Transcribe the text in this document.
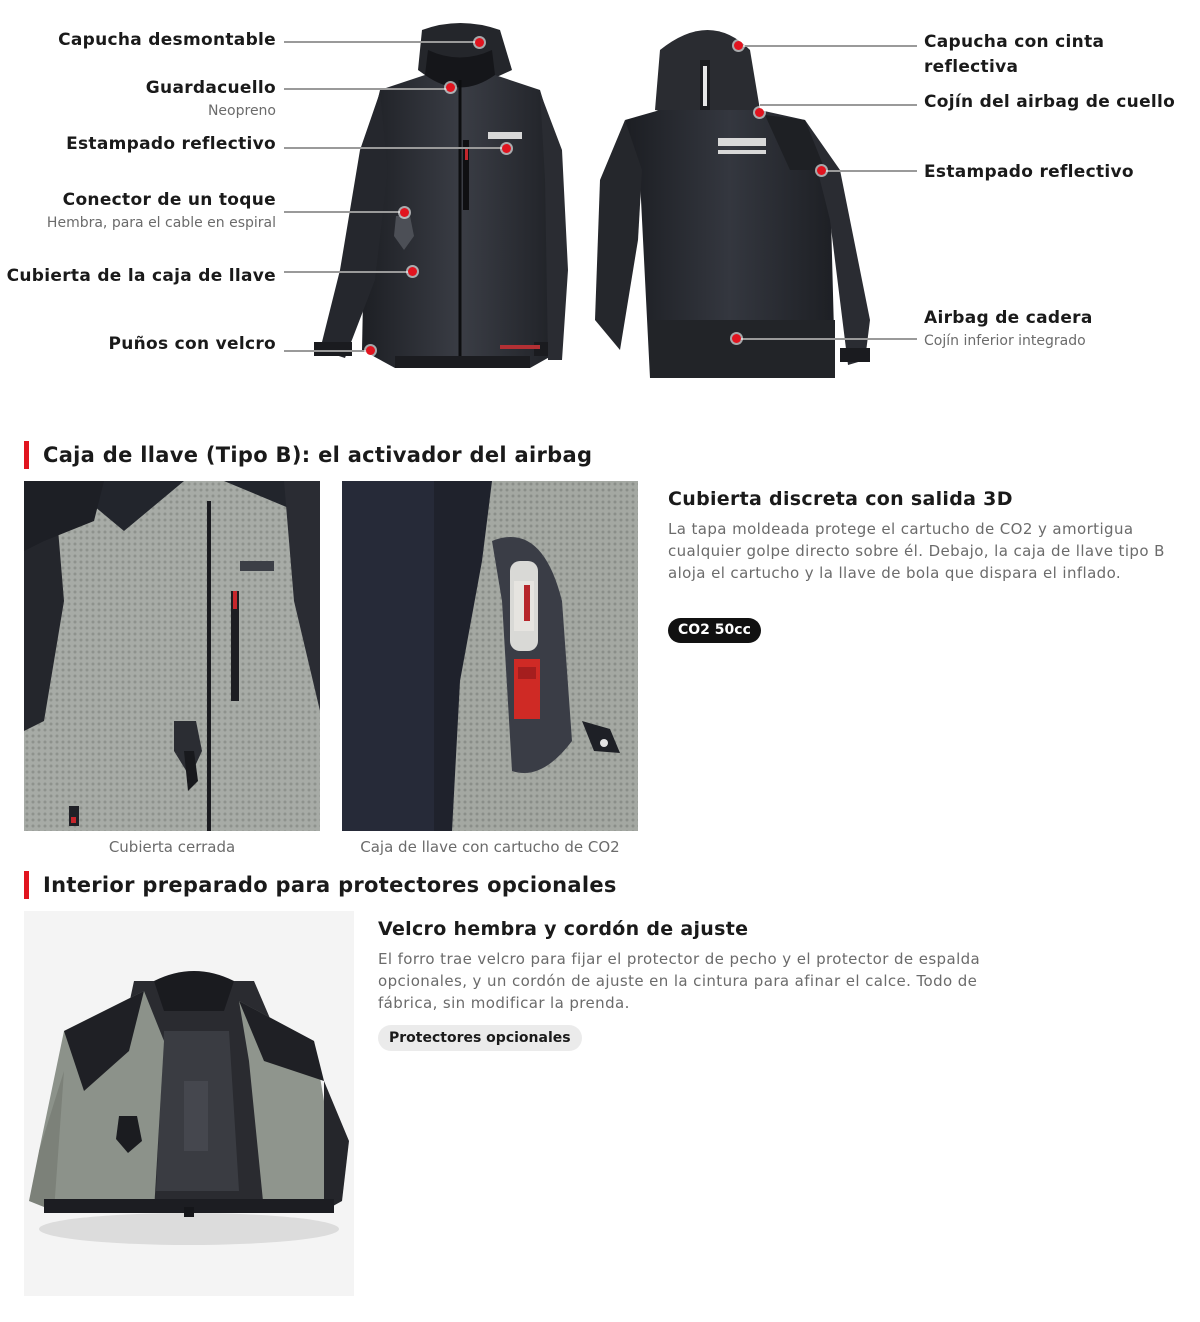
Capucha desmontable
Guardacuello
Neopreno
Estampado reflectivo
Conector de un toque
Hembra, para el cable en espiral
Cubierta de la caja de llave
Puños con velcro
Capucha con cinta reflectiva
Cojín del airbag de cuello
Estampado reflectivo
Airbag de cadera
Cojín inferior integrado
Caja de llave (Tipo B): el activador del airbag
Cubierta cerrada	Caja de llave con cartucho de CO2
Cubierta discreta con salida 3D
La tapa moldeada protege el cartucho de CO2 y amortigua cualquier golpe directo sobre él. Debajo, la caja de llave tipo B aloja el cartucho y la llave de bola que dispara el inflado.
CO2 50cc
Interior preparado para protectores opcionales
Velcro hembra y cordón de ajuste
El forro trae velcro para fijar el protector de pecho y el protector de espalda opcionales, y un cordón de ajuste en la cintura para afinar el calce. Todo de fábrica, sin modificar la prenda.
Protectores opcionales
